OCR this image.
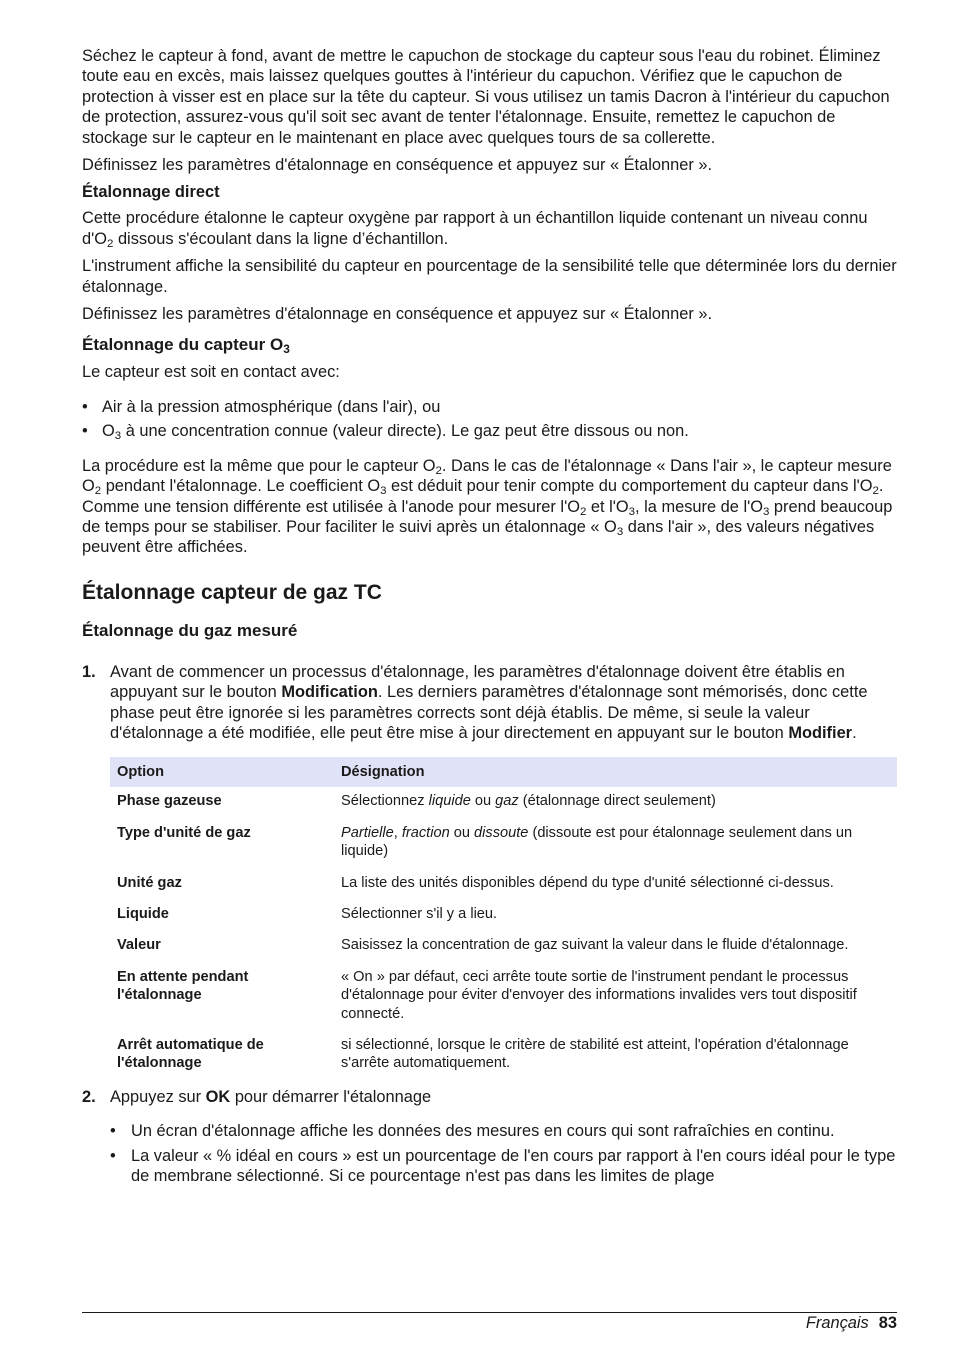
Séchez le capteur à fond, avant de mettre le capuchon de stockage du capteur sous l'eau du robinet. Éliminez toute eau en excès, mais laissez quelques gouttes à l'intérieur du capuchon. Vérifiez que le capuchon de protection à visser est en place sur la tête du capteur. Si vous utilisez un tamis Dacron à l'intérieur du capuchon de protection, assurez-vous qu'il soit sec avant de tenter l'étalonnage. Ensuite, remettez le capuchon de stockage sur le capteur en le maintenant en place avec quelques tours de sa collerette.

Définissez les paramètres d'étalonnage en conséquence et appuyez sur « Étalonner ».

Étalonnage direct

Cette procédure étalonne le capteur oxygène par rapport à un échantillon liquide contenant un niveau connu $d'O_2$ dissous s'écoulant dans la ligne d’échantillon.

L'instrument affiche la sensibilité du capteur en pourcentage de la sensibilité telle que déterminée lors du dernier étalonnage.

Définissez les paramètres d'étalonnage en conséquence et appuyez sur « Étalonner ».

Étalonnage du capteur $O_3$

Le capteur est soit en contact avec:

• Air à la pression atmosphérique (dans l'air), ou
• $O_3$ à une concentration connue (valeur directe). Le gaz peut être dissous ou non.

La procédure est la même que pour le capteur $O_2$. Dans le cas de l'étalonnage « Dans l'air », le capteur mesure $O_2$ pendant l'étalonnage. Le coefficient $O_3$ est déduit pour tenir compte du comportement du capteur dans $l'O_2$. Comme une tension différente est utilisée à l'anode pour mesurer $l'O_2$ et $l'O_3$, la mesure de $l'O_3$ prend beaucoup de temps pour se stabiliser. Pour faciliter le suivi après un étalonnage « $O_3$ dans l'air », des valeurs négatives peuvent être affichées.

Étalonnage capteur de gaz TC
Étalonnage du gaz mesuré
1. Avant de commencer un processus d'étalonnage, les paramètres d'étalonnage doivent être établis en appuyant sur le bouton Modification. Les derniers paramètres d'étalonnage sont mémorisés, donc cette phase peut être ignorée si les paramètres corrects sont déjà établis. De même, si seule la valeur d'étalonnage a été modifiée, elle peut être mise à jour directement en appuyant sur le bouton Modifier.
Option	Désignation
Phase gazeuse	Sélectionnez liquide ou gaz (étalonnage direct seulement)
Type d'unité de gaz	Partielle, fraction ou dissoute (dissoute est pour étalonnage seulement dans un liquide)
Unité gaz	La liste des unités disponibles dépend du type d'unité sélectionné ci-dessus.
Liquide	Sélectionner s'il y a lieu.
Valeur	Saisissez la concentration de gaz suivant la valeur dans le fluide d'étalonnage.
En attente pendant l'étalonnage	« On » par défaut, ceci arrête toute sortie de l'instrument pendant le processus d'étalonnage pour éviter d'envoyer des informations invalides vers tout dispositif connecté.
Arrêt automatique de l'étalonnage	si sélectionné, lorsque le critère de stabilité est atteint, l'opération d'étalonnage s'arrête automatiquement.
2. Appuyez sur OK pour démarrer l'étalonnage
• Un écran d'étalonnage affiche les données des mesures en cours qui sont rafraîchies en continu.
• La valeur « % idéal en cours » est un pourcentage de l'en cours par rapport à l'en cours idéal pour le type de membrane sélectionné. Si ce pourcentage n'est pas dans les limites de plage
Français 83
